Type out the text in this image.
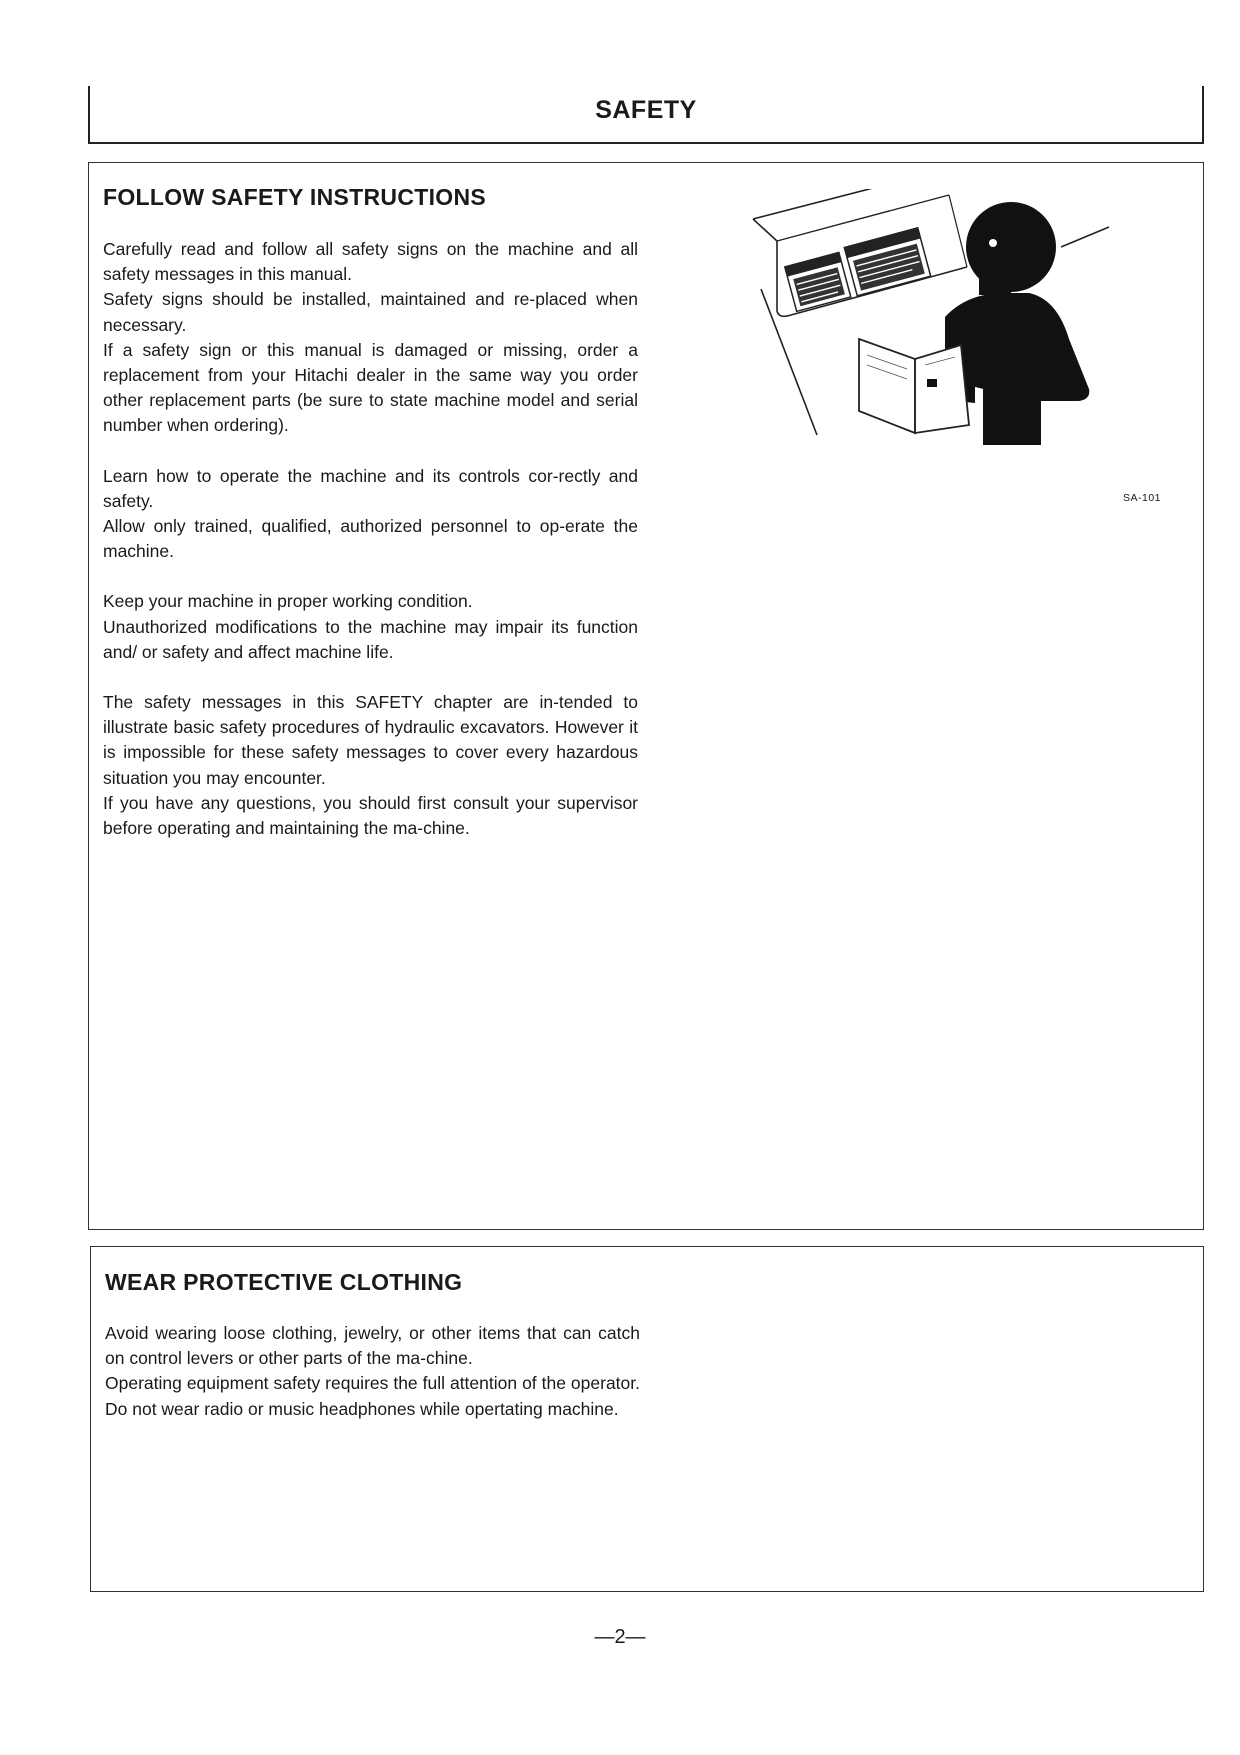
SAFETY
FOLLOW SAFETY INSTRUCTIONS

Carefully read and follow all safety signs on the machine and all safety messages in this manual.
Safety signs should be installed, maintained and re-placed when necessary.
If a safety sign or this manual is damaged or missing, order a replacement from your Hitachi dealer in the same way you order other replacement parts (be sure to state machine model and serial number when ordering).

Learn how to operate the machine and its controls cor-rectly and safety.
Allow only trained, qualified, authorized personnel to op-erate the machine.

Keep your machine in proper working condition.
Unauthorized modifications to the machine may impair its function and/ or safety and affect machine life.

The safety messages in this SAFETY chapter are in-tended to illustrate basic safety procedures of hydraulic excavators. However it is impossible for these safety messages to cover every hazardous situation you may encounter.
If you have any questions, you should first consult your supervisor before operating and maintaining the ma-chine.

SA-101
WEAR PROTECTIVE CLOTHING

Avoid wearing loose clothing, jewelry, or other items that can catch on control levers or other parts of the ma-chine.
Operating equipment safety requires the full attention of the operator. Do not wear radio or music headphones while opertating machine.

—2—
